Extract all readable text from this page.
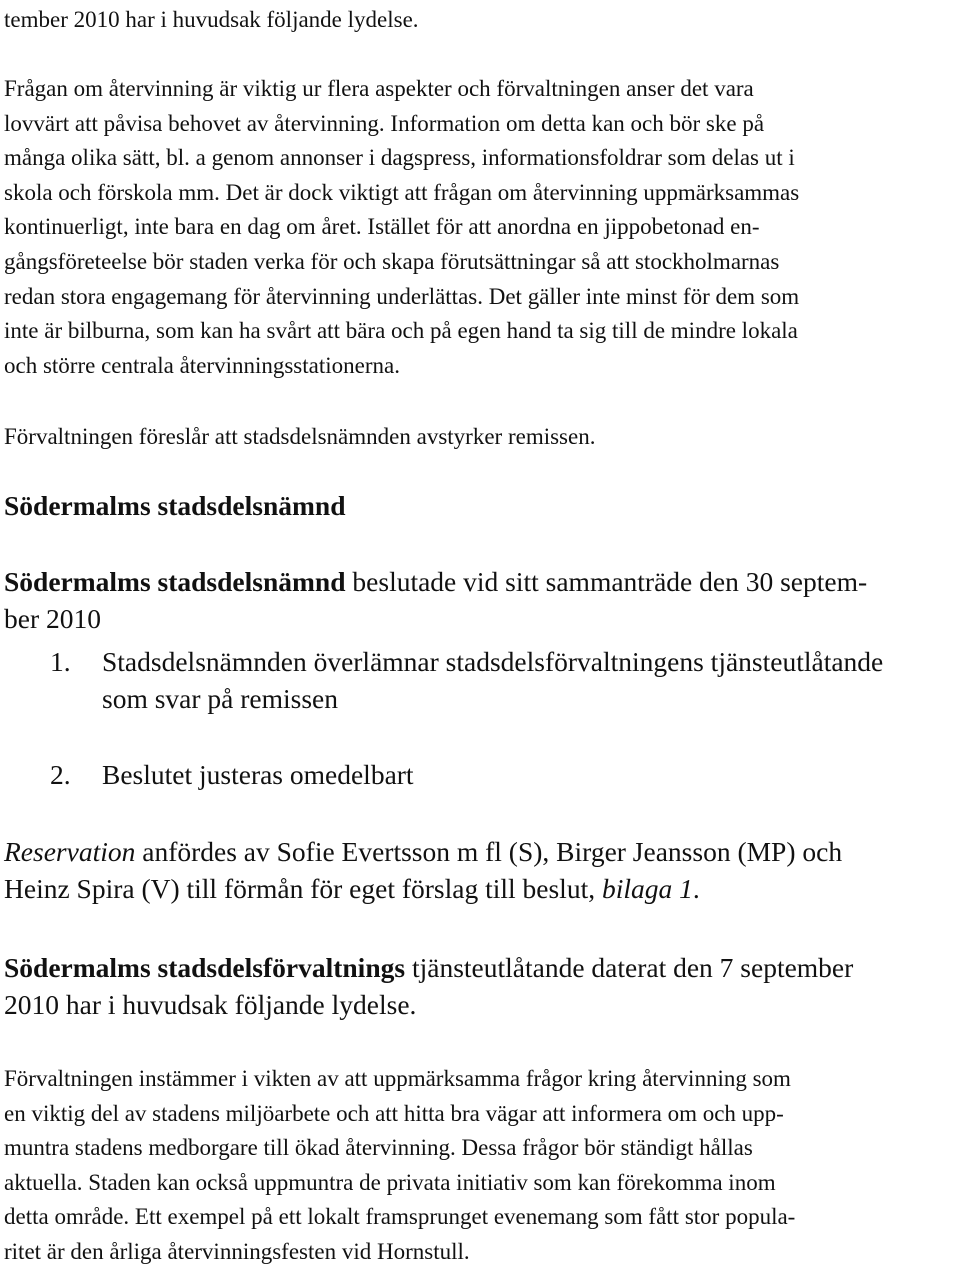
tember 2010 har i huvudsak följande lydelse.

Frågan om återvinning är viktig ur flera aspekter och förvaltningen anser det vara
lovvärt att påvisa behovet av återvinning. Information om detta kan och bör ske på
många olika sätt, bl. a genom annonser i dagspress, informationsfoldrar som delas ut i
skola och förskola mm. Det är dock viktigt att frågan om återvinning uppmärksammas
kontinuerligt, inte bara en dag om året. Istället för att anordna en jippobetonad en-
gångsföreteelse bör staden verka för och skapa förutsättningar så att stockholmarnas
redan stora engagemang för återvinning underlättas. Det gäller inte minst för dem som
inte är bilburna, som kan ha svårt att bära och på egen hand ta sig till de mindre lokala
och större centrala återvinningsstationerna.

Förvaltningen föreslår att stadsdelsnämnden avstyrker remissen.

Södermalms stadsdelsnämnd
Södermalms stadsdelsnämnd beslutade vid sitt sammanträde den 30 septem-
ber 2010
1. Stadsdelsnämnden överlämnar stadsdelsförvaltningens tjänsteutlåtande
som svar på remissen
2. Beslutet justeras omedelbart
Reservation anfördes av Sofie Evertsson m fl (S), Birger Jeansson (MP) och
Heinz Spira (V) till förmån för eget förslag till beslut, bilaga 1.
Södermalms stadsdelsförvaltnings tjänsteutlåtande daterat den 7 september
2010 har i huvudsak följande lydelse.
Förvaltningen instämmer i vikten av att uppmärksamma frågor kring återvinning som
en viktig del av stadens miljöarbete och att hitta bra vägar att informera om och upp-
muntra stadens medborgare till ökad återvinning. Dessa frågor bör ständigt hållas
aktuella. Staden kan också uppmuntra de privata initiativ som kan förekomma inom
detta område. Ett exempel på ett lokalt framsprunget evenemang som fått stor popula-
ritet är den årliga återvinningsfesten vid Hornstull.
